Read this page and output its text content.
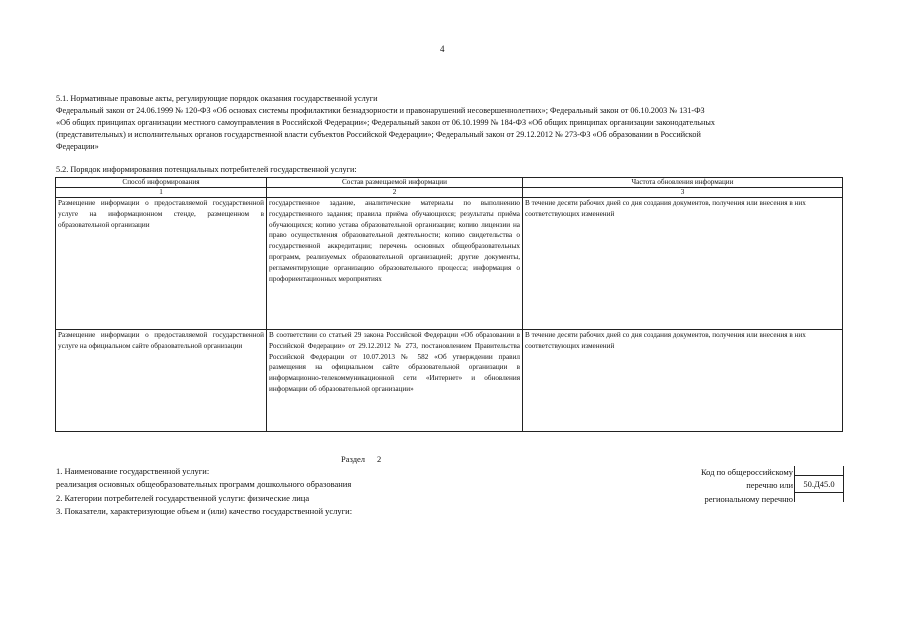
4

5.1. Нормативные правовые акты, регулирующие порядок оказания государственной услуги

Федеральный закон от 24.06.1999 № 120-ФЗ «Об основах системы профилактики безнадзорности и правонарушений несовершеннолетних»; Федеральный закон от 06.10.2003 № 131-ФЗ

«Об общих принципах организации местного самоуправления в Российской Федерации»; Федеральный закон от 06.10.1999 № 184-ФЗ «Об общих принципах организации законодательных

(представительных) и исполнительных органов государственной власти субъектов Российской Федерации»; Федеральный закон от 29.12.2012 № 273-ФЗ «Об образовании в Российской

Федерации»

5.2. Порядок информирования потенциальных потребителей государственной услуги:
Способ информирования	Состав размещаемой информации	Частота обновления информации
1	2	3
Размещение информации о предоставляемой государственной услуге на информационном стенде, размещенном в образовательной организации	государственное задание, аналитические материалы по выполнению государственного задания; правила приёма обучающихся; результаты приёма обучающихся; копию устава образовательной организации; копию лицензии на право осуществления образовательной деятельности; копию свидетельства о государственной аккредитации; перечень основных общеобразовательных программ, реализуемых образовательной организацией; другие документы, регламентирующие организацию образовательного процесса; информация о профориентационных мероприятиях	В течение десяти рабочих дней со дня создания документов, получения или внесения в них соответствующих изменений
Размещение информации о предоставляемой государственной услуге на официальном сайте образовательной организации	В соответствии со статьей 29 закона Российской Федерации «Об образовании в Российской Федерации» от 29.12.2012 № 273, постановлением Правительства Российской Федерации от 10.07.2013 № 582 «Об утверждении правил размещения на официальном сайте образовательной организации в информационно-телекоммуникационной сети «Интернет» и обновления информации об образовательной организации»	В течение десяти рабочих дней со дня создания документов, получения или внесения в них соответствующих изменений
Раздел 2
1. Наименование государственной услуги:
реализация основных общеобразовательных программ дошкольного образования
2. Категории потребителей государственной услуги: физические лица
3. Показатели, характеризующие объем и (или) качество государственной услуги:
Код по общероссийскому
перечню или
региональному перечню
50.Д45.0
